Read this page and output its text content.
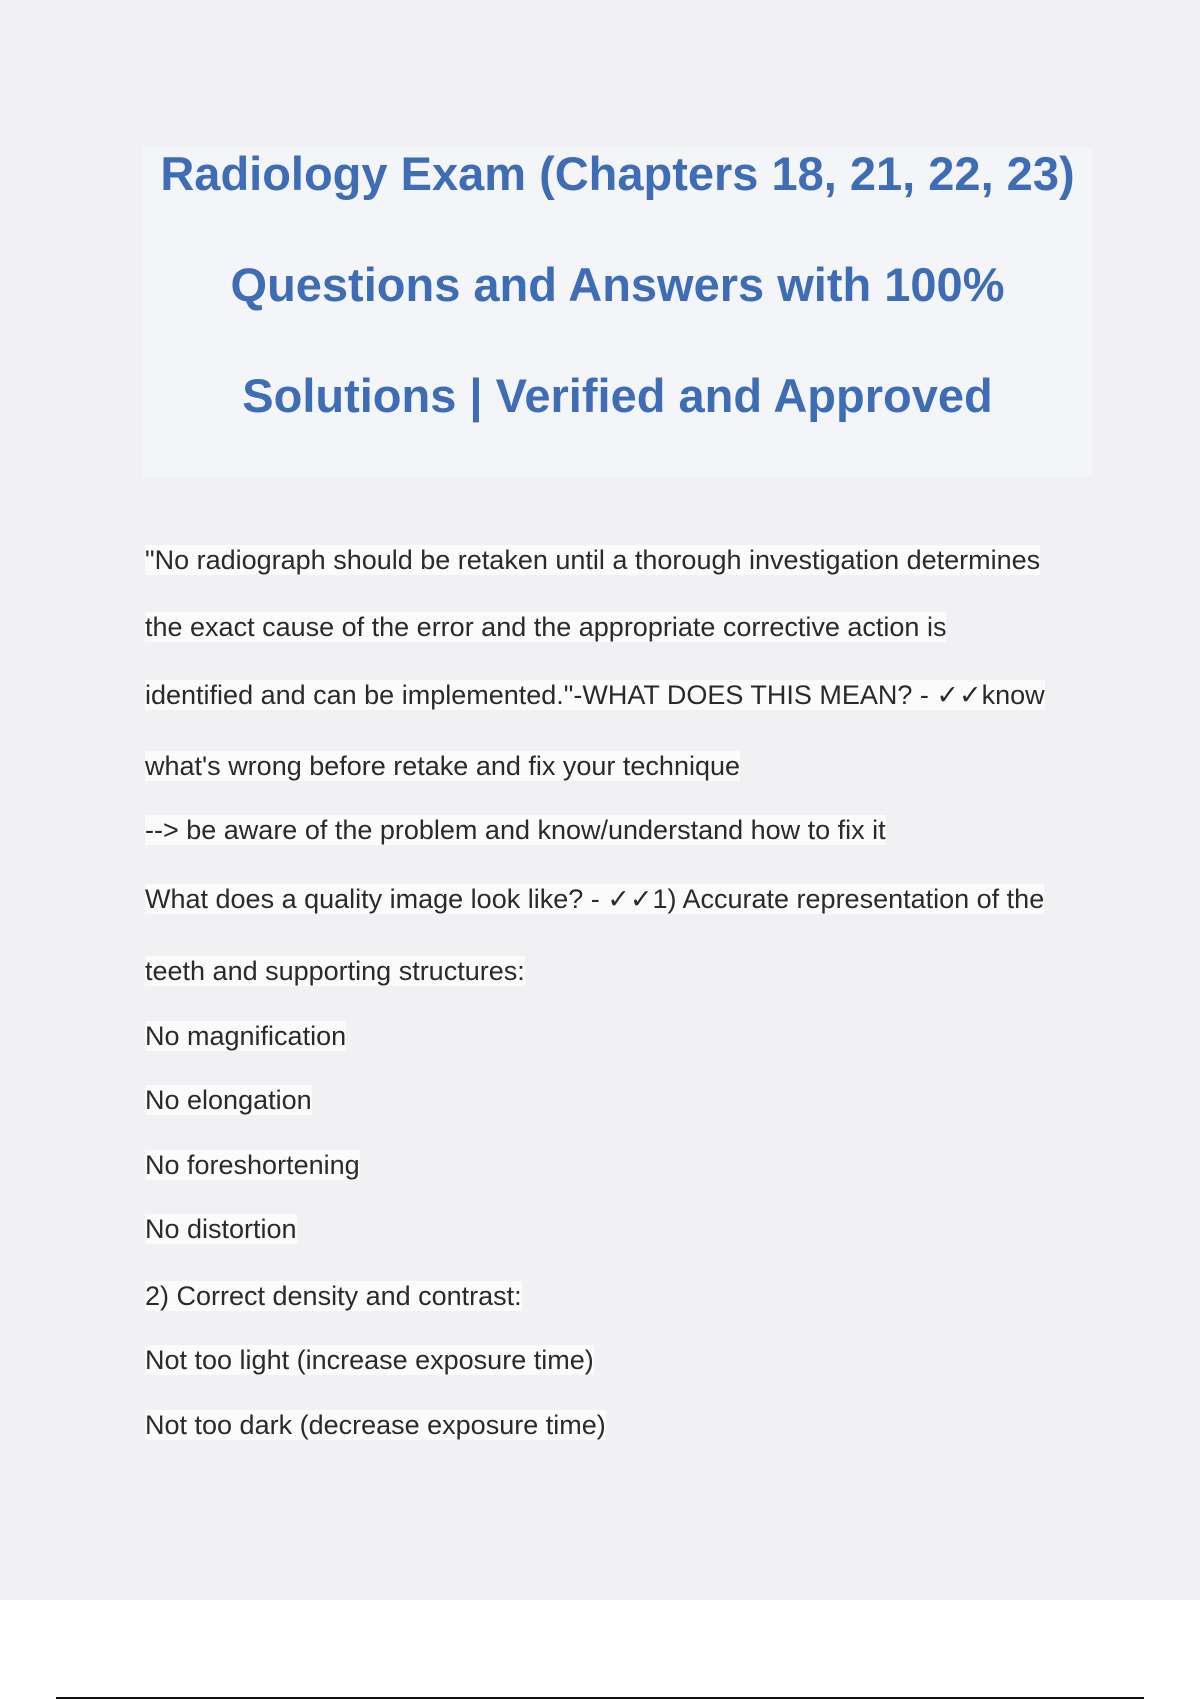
Radiology Exam (Chapters 18, 21, 22, 23)
Questions and Answers with 100%
Solutions | Verified and Approved
"No radiograph should be retaken until a thorough investigation determines
the exact cause of the error and the appropriate corrective action is
identified and can be implemented."-WHAT DOES THIS MEAN? - ✓✓know
what's wrong before retake and fix your technique
--> be aware of the problem and know/understand how to fix it
What does a quality image look like? - ✓✓1) Accurate representation of the
teeth and supporting structures:
No magnification
No elongation
No foreshortening
No distortion
2) Correct density and contrast:
Not too light (increase exposure time)
Not too dark (decrease exposure time)
